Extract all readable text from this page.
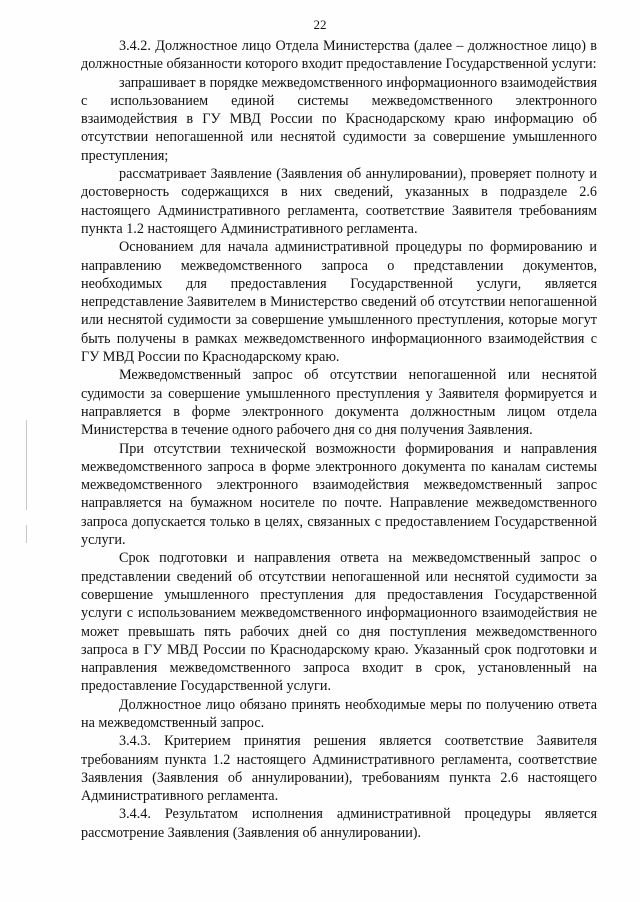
22

3.4.2. Должностное лицо Отдела Министерства (далее – должностное лицо) в должностные обязанности которого входит предоставление Государственной услуги:

запрашивает в порядке межведомственного информационного взаимодействия с использованием единой системы межведомственного электронного взаимодействия в ГУ МВД России по Краснодарскому краю информацию об отсутствии непогашенной или неснятой судимости за совершение умышленного преступления;

рассматривает Заявление (Заявления об аннулировании), проверяет полноту и достоверность содержащихся в них сведений, указанных в подразделе 2.6 настоящего Административного регламента, соответствие Заявителя требованиям пункта 1.2 настоящего Административного регламента.

Основанием для начала административной процедуры по формированию и направлению межведомственного запроса о представлении документов, необходимых для предоставления Государственной услуги, является непредставление Заявителем в Министерство сведений об отсутствии непогашенной или неснятой судимости за совершение умышленного преступления, которые могут быть получены в рамках межведомственного информационного взаимодействия с ГУ МВД России по Краснодарскому краю.

Межведомственный запрос об отсутствии непогашенной или неснятой судимости за совершение умышленного преступления у Заявителя формируется и направляется в форме электронного документа должностным лицом отдела Министерства в течение одного рабочего дня со дня получения Заявления.

При отсутствии технической возможности формирования и направления межведомственного запроса в форме электронного документа по каналам системы межведомственного электронного взаимодействия межведомственный запрос направляется на бумажном носителе по почте. Направление межведомственного запроса допускается только в целях, связанных с предоставлением Государственной услуги.

Срок подготовки и направления ответа на межведомственный запрос о представлении сведений об отсутствии непогашенной или неснятой судимости за совершение умышленного преступления для предоставления Государственной услуги с использованием межведомственного информационного взаимодействия не может превышать пять рабочих дней со дня поступления межведомственного запроса в ГУ МВД России по Краснодарскому краю. Указанный срок подготовки и направления межведомственного запроса входит в срок, установленный на предоставление Государственной услуги.

Должностное лицо обязано принять необходимые меры по получению ответа на межведомственный запрос.

3.4.3. Критерием принятия решения является соответствие Заявителя требованиям пункта 1.2 настоящего Административного регламента, соответствие Заявления (Заявления об аннулировании), требованиям пункта 2.6 настоящего Административного регламента.

3.4.4. Результатом исполнения административной процедуры является рассмотрение Заявления (Заявления об аннулировании).
